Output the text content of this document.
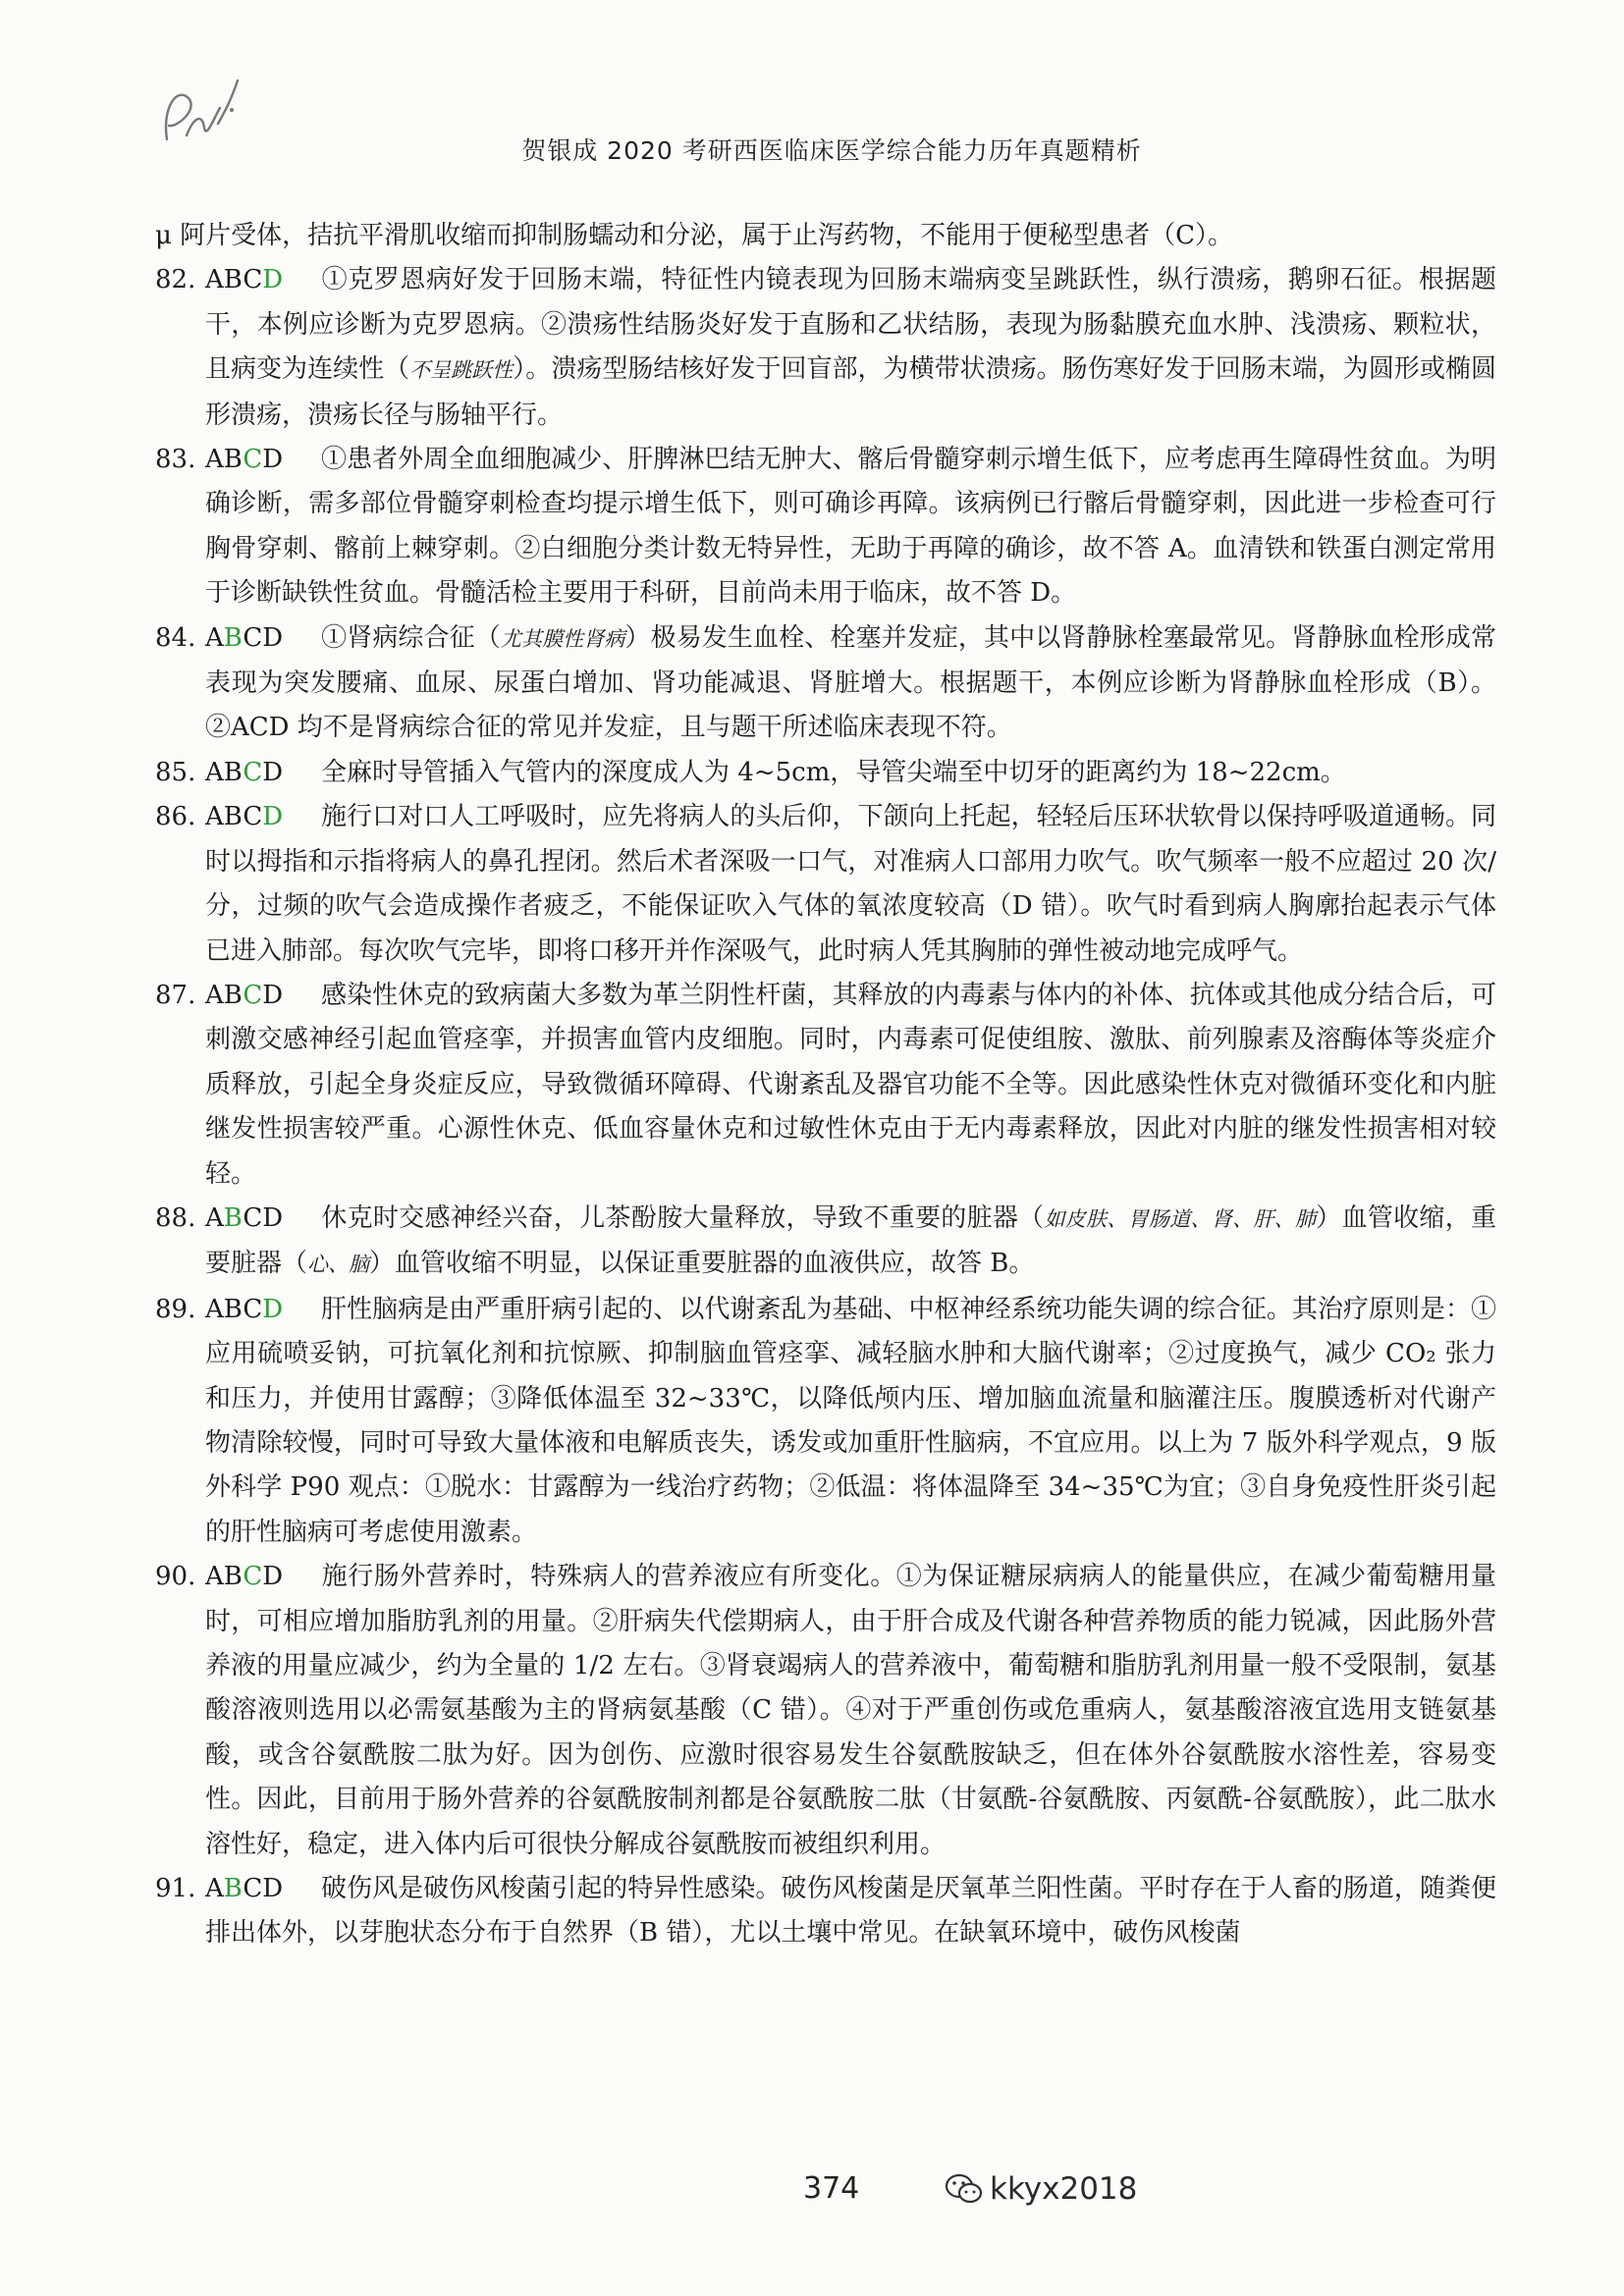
贺银成 2020 考研西医临床医学综合能力历年真题精析

μ 阿片受体，拮抗平滑肌收缩而抑制肠蠕动和分泌，属于止泻药物，不能用于便秘型患者（C）。

82. ABCD ①克罗恩病好发于回肠末端，特征性内镜表现为回肠末端病变呈跳跃性，纵行溃疡，鹅卵石征。根据题干，本例应诊断为克罗恩病。②溃疡性结肠炎好发于直肠和乙状结肠，表现为肠黏膜充血水肿、浅溃疡、颗粒状，且病变为连续性（不呈跳跃性）。溃疡型肠结核好发于回盲部，为横带状溃疡。肠伤寒好发于回肠末端，为圆形或椭圆形溃疡，溃疡长径与肠轴平行。

83. ABCD ①患者外周全血细胞减少、肝脾淋巴结无肿大、髂后骨髓穿刺示增生低下，应考虑再生障碍性贫血。为明确诊断，需多部位骨髓穿刺检查均提示增生低下，则可确诊再障。该病例已行髂后骨髓穿刺，因此进一步检查可行胸骨穿刺、髂前上棘穿刺。②白细胞分类计数无特异性，无助于再障的确诊，故不答 A。血清铁和铁蛋白测定常用于诊断缺铁性贫血。骨髓活检主要用于科研，目前尚未用于临床，故不答 D。

84. ABCD ①肾病综合征（尤其膜性肾病）极易发生血栓、栓塞并发症，其中以肾静脉栓塞最常见。肾静脉血栓形成常表现为突发腰痛、血尿、尿蛋白增加、肾功能减退、肾脏增大。根据题干，本例应诊断为肾静脉血栓形成（B）。②ACD 均不是肾病综合征的常见并发症，且与题干所述临床表现不符。

85. ABCD 全麻时导管插入气管内的深度成人为 4~5cm，导管尖端至中切牙的距离约为 18~22cm。

86. ABCD 施行口对口人工呼吸时，应先将病人的头后仰，下颌向上托起，轻轻后压环状软骨以保持呼吸道通畅。同时以拇指和示指将病人的鼻孔捏闭。然后术者深吸一口气，对准病人口部用力吹气。吹气频率一般不应超过 20 次/分，过频的吹气会造成操作者疲乏，不能保证吹入气体的氧浓度较高（D 错）。吹气时看到病人胸廓抬起表示气体已进入肺部。每次吹气完毕，即将口移开并作深吸气，此时病人凭其胸肺的弹性被动地完成呼气。

87. ABCD 感染性休克的致病菌大多数为革兰阴性杆菌，其释放的内毒素与体内的补体、抗体或其他成分结合后，可刺激交感神经引起血管痉挛，并损害血管内皮细胞。同时，内毒素可促使组胺、激肽、前列腺素及溶酶体等炎症介质释放，引起全身炎症反应，导致微循环障碍、代谢紊乱及器官功能不全等。因此感染性休克对微循环变化和内脏继发性损害较严重。心源性休克、低血容量休克和过敏性休克由于无内毒素释放，因此对内脏的继发性损害相对较轻。

88. ABCD 休克时交感神经兴奋，儿茶酚胺大量释放，导致不重要的脏器（如皮肤、胃肠道、肾、肝、肺）血管收缩，重要脏器（心、脑）血管收缩不明显，以保证重要脏器的血液供应，故答 B。

89. ABCD 肝性脑病是由严重肝病引起的、以代谢紊乱为基础、中枢神经系统功能失调的综合征。其治疗原则是：①应用硫喷妥钠，可抗氧化剂和抗惊厥、抑制脑血管痉挛、减轻脑水肿和大脑代谢率；②过度换气，减少 CO₂ 张力和压力，并使用甘露醇；③降低体温至 32~33℃，以降低颅内压、增加脑血流量和脑灌注压。腹膜透析对代谢产物清除较慢，同时可导致大量体液和电解质丧失，诱发或加重肝性脑病，不宜应用。以上为 7 版外科学观点，9 版外科学 P90 观点：①脱水：甘露醇为一线治疗药物；②低温：将体温降至 34~35℃为宜；③自身免疫性肝炎引起的肝性脑病可考虑使用激素。

90. ABCD 施行肠外营养时，特殊病人的营养液应有所变化。①为保证糖尿病病人的能量供应，在减少葡萄糖用量时，可相应增加脂肪乳剂的用量。②肝病失代偿期病人，由于肝合成及代谢各种营养物质的能力锐减，因此肠外营养液的用量应减少，约为全量的 1/2 左右。③肾衰竭病人的营养液中，葡萄糖和脂肪乳剂用量一般不受限制，氨基酸溶液则选用以必需氨基酸为主的肾病氨基酸（C 错）。④对于严重创伤或危重病人，氨基酸溶液宜选用支链氨基酸，或含谷氨酰胺二肽为好。因为创伤、应激时很容易发生谷氨酰胺缺乏，但在体外谷氨酰胺水溶性差，容易变性。因此，目前用于肠外营养的谷氨酰胺制剂都是谷氨酰胺二肽（甘氨酰-谷氨酰胺、丙氨酰-谷氨酰胺），此二肽水溶性好，稳定，进入体内后可很快分解成谷氨酰胺而被组织利用。

91. ABCD 破伤风是破伤风梭菌引起的特异性感染。破伤风梭菌是厌氧革兰阳性菌。平时存在于人畜的肠道，随粪便排出体外，以芽胞状态分布于自然界（B 错），尤以土壤中常见。在缺氧环境中，破伤风梭菌

374	kkyx2018
